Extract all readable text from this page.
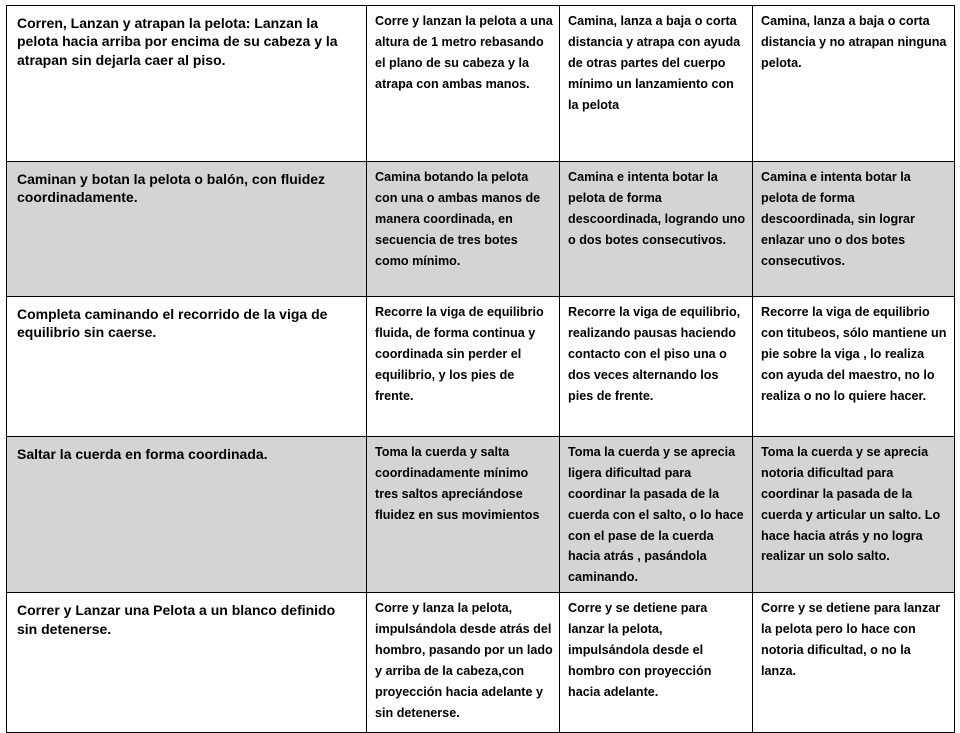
Corren, Lanzan y atrapan la pelota: Lanzan la pelota hacia arriba por encima de su cabeza y la atrapan sin dejarla caer al piso.	Corre y lanzan la pelota a una altura de 1 metro rebasando el plano de su cabeza y la atrapa con ambas manos.	Camina, lanza a baja o corta distancia y atrapa con ayuda de otras partes del cuerpo mínimo un lanzamiento con la pelota	Camina, lanza a baja o corta distancia y no atrapan ninguna pelota.
Caminan y botan la pelota o balón, con fluidez coordinadamente.	Camina botando la pelota con una o ambas manos de manera coordinada, en secuencia de tres botes como mínimo.	Camina e intenta botar la pelota de forma descoordinada, logrando uno o dos botes consecutivos.	Camina e intenta botar la pelota de forma descoordinada, sin lograr enlazar uno o dos botes consecutivos.
Completa caminando el recorrido de la viga de equilibrio sin caerse.	Recorre la viga de equilibrio fluida, de forma continua y coordinada sin perder el equilibrio, y los pies de frente.	Recorre la viga de equilibrio, realizando pausas haciendo contacto con el piso una o dos veces alternando los pies de frente.	Recorre la viga de equilibrio con titubeos, sólo mantiene un pie sobre la viga , lo realiza con ayuda del maestro, no lo realiza o no lo quiere hacer.
Saltar la cuerda en forma coordinada.	Toma la cuerda y salta coordinadamente mínimo tres saltos apreciándose fluidez en sus movimientos	Toma la cuerda y se aprecia ligera dificultad para coordinar la pasada de la cuerda con el salto, o lo hace con el pase de la cuerda hacia atrás , pasándola caminando.	Toma la cuerda y se aprecia notoria dificultad para coordinar la pasada de la cuerda y articular un salto. Lo hace hacia atrás y no logra realizar un solo salto.
Correr y Lanzar una Pelota a un blanco definido sin detenerse.	Corre y lanza la pelota, impulsándola desde atrás del hombro, pasando por un lado y arriba de la cabeza,con proyección hacia adelante y sin detenerse.	Corre y se detiene para lanzar la pelota, impulsándola desde el hombro con proyección hacia adelante.	Corre y se detiene para lanzar la pelota pero lo hace con notoria dificultad, o no la lanza.
